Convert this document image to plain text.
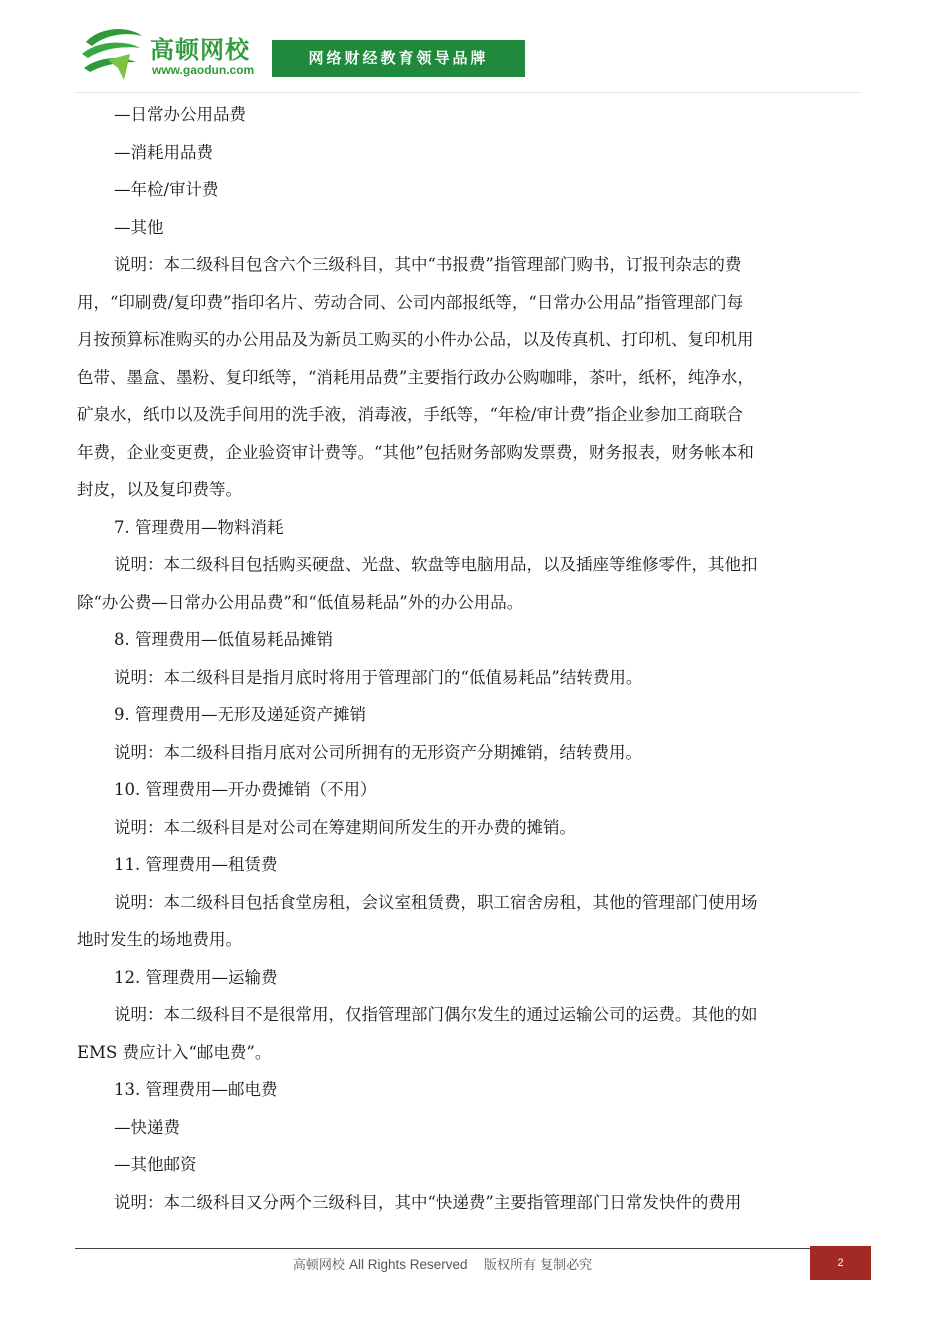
高顿网校
www.gaodun.com
网络财经教育领导品牌
—日常办公用品费
—消耗用品费
—年检/审计费
—其他
说明：本二级科目包含六个三级科目，其中“书报费”指管理部门购书，订报刊杂志的费
用，“印刷费/复印费”指印名片、劳动合同、公司内部报纸等，“日常办公用品”指管理部门每
月按预算标准购买的办公用品及为新员工购买的小件办公品，以及传真机、打印机、复印机用
色带、墨盒、墨粉、复印纸等，“消耗用品费”主要指行政办公购咖啡，茶叶，纸杯，纯净水，
矿泉水，纸巾以及洗手间用的洗手液，消毒液，手纸等，“年检/审计费”指企业参加工商联合
年费，企业变更费，企业验资审计费等。“其他”包括财务部购发票费，财务报表，财务帐本和
封皮，以及复印费等。
7. 管理费用—物料消耗
说明：本二级科目包括购买硬盘、光盘、软盘等电脑用品，以及插座等维修零件，其他扣
除“办公费—日常办公用品费”和“低值易耗品”外的办公用品。
8. 管理费用—低值易耗品摊销
说明：本二级科目是指月底时将用于管理部门的“低值易耗品”结转费用。
9. 管理费用—无形及递延资产摊销
说明：本二级科目指月底对公司所拥有的无形资产分期摊销，结转费用。
10. 管理费用—开办费摊销（不用）
说明：本二级科目是对公司在筹建期间所发生的开办费的摊销。
11. 管理费用—租赁费
说明：本二级科目包括食堂房租，会议室租赁费，职工宿舍房租，其他的管理部门使用场
地时发生的场地费用。
12. 管理费用—运输费
说明：本二级科目不是很常用，仅指管理部门偶尔发生的通过运输公司的运费。其他的如
EMS 费应计入“邮电费”。
13. 管理费用—邮电费
—快递费
—其他邮资
说明：本二级科目又分两个三级科目，其中“快递费”主要指管理部门日常发快件的费用
高顿网校 All Rights Reserved 版权所有 复制必究	2
